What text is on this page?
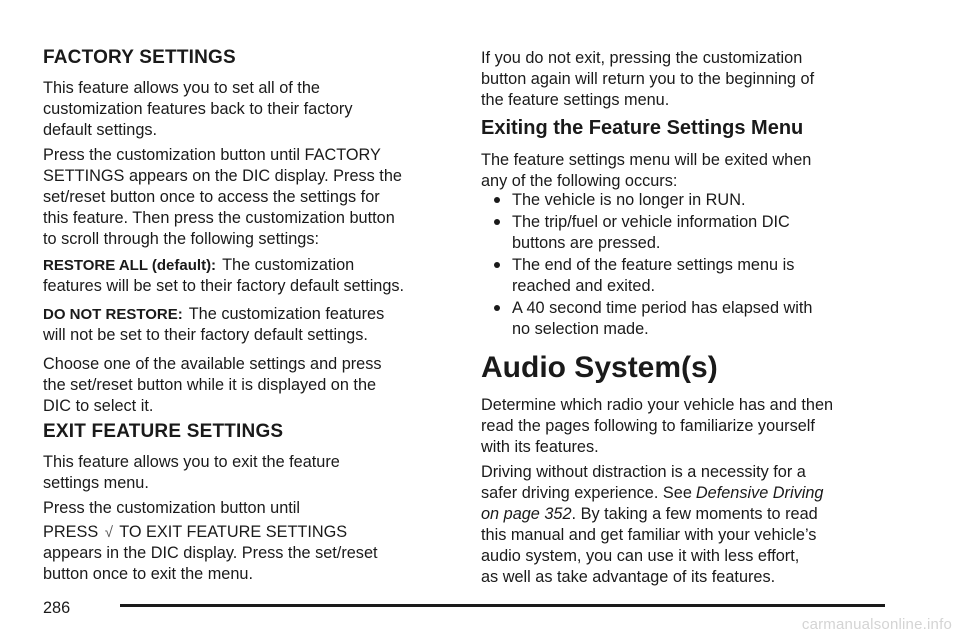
FACTORY SETTINGS

This feature allows you to set all of the
customization features back to their factory
default settings.

Press the customization button until FACTORY
SETTINGS appears on the DIC display. Press the
set/reset button once to access the settings for
this feature. Then press the customization button
to scroll through the following settings:

RESTORE ALL (default): The customization
features will be set to their factory default settings.

DO NOT RESTORE: The customization features
will not be set to their factory default settings.

Choose one of the available settings and press
the set/reset button while it is displayed on the
DIC to select it.

EXIT FEATURE SETTINGS

This feature allows you to exit the feature
settings menu.

Press the customization button until

PRESS √ TO EXIT FEATURE SETTINGS

appears in the DIC display. Press the set/reset
button once to exit the menu.

If you do not exit, pressing the customization
button again will return you to the beginning of
the feature settings menu.

Exiting the Feature Settings Menu

The feature settings menu will be exited when
any of the following occurs:

The vehicle is no longer in RUN.
The trip/fuel or vehicle information DIC
buttons are pressed.
The end of the feature settings menu is
reached and exited.
A 40 second time period has elapsed with
no selection made.
Audio System(s)

Determine which radio your vehicle has and then
read the pages following to familiarize yourself
with its features.

Driving without distraction is a necessity for a
safer driving experience. See Defensive Driving
on page 352. By taking a few moments to read
this manual and get familiar with your vehicle’s
audio system, you can use it with less effort,
as well as take advantage of its features.

286

carmanualsonline.info
